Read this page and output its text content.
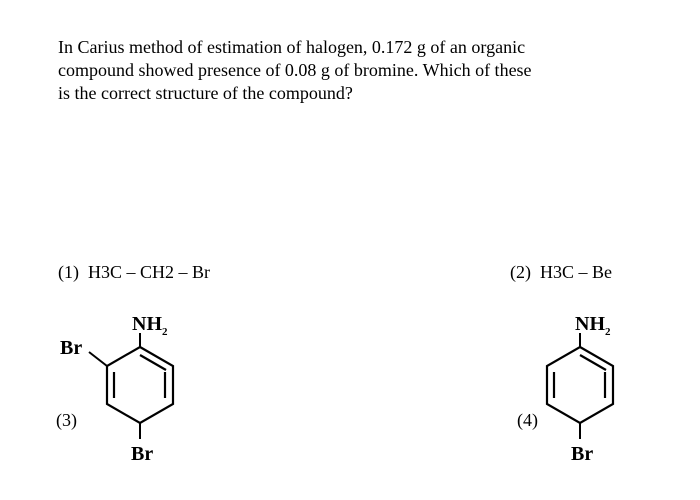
In Carius method of estimation of halogen, 0.172 g of an organic
compound showed presence of 0.08 g of bromine. Which of these
is the correct structure of the compound?
(1) H3C – CH2 – Br	(2) H3C – Be
(3)	(4)
$NH_2$
Br
Br
$NH_2$
Br
